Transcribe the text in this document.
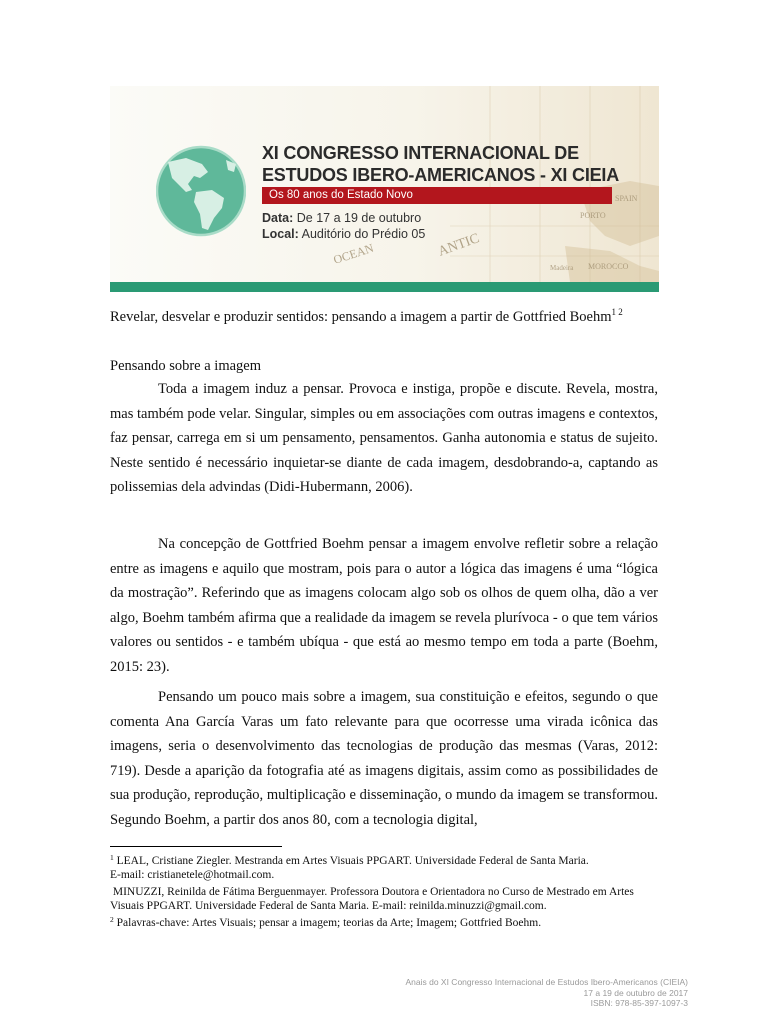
OCEAN	ANTIC
PORTO
MOROCCO
Madeira
SPAIN
XI CONGRESSO INTERNACIONAL DE
ESTUDOS IBERO-AMERICANOS - XI CIEIA
Os 80 anos do Estado Novo
Data: De 17 a 19 de outubro
Local: Auditório do Prédio 05
Revelar, desvelar e produzir sentidos: pensando a imagem a partir de Gottfried Boehm$^{1 2}$
Pensando sobre a imagem
Toda a imagem induz a pensar. Provoca e instiga, propõe e discute. Revela, mostra, mas também pode velar. Singular, simples ou em associações com outras imagens e contextos, faz pensar, carrega em si um pensamento, pensamentos. Ganha autonomia e status de sujeito. Neste sentido é necessário inquietar-se diante de cada imagem, desdobrando-a, captando as polissemias dela advindas (Didi-Hubermann, 2006).
Na concepção de Gottfried Boehm pensar a imagem envolve refletir sobre a relação entre as imagens e aquilo que mostram, pois para o autor a lógica das imagens é uma “lógica da mostração”. Referindo que as imagens colocam algo sob os olhos de quem olha, dão a ver algo, Boehm também afirma que a realidade da imagem se revela plurívoca - o que tem vários valores ou sentidos - e também ubíqua - que está ao mesmo tempo em toda a parte (Boehm, 2015: 23).
Pensando um pouco mais sobre a imagem, sua constituição e efeitos, segundo o que comenta Ana García Varas um fato relevante para que ocorresse uma virada icônica das imagens, seria o desenvolvimento das tecnologias de produção das mesmas (Varas, 2012: 719). Desde a aparição da fotografia até as imagens digitais, assim como as possibilidades de sua produção, reprodução, multiplicação e disseminação, o mundo da imagem se transformou. Segundo Boehm, a partir dos anos 80, com a tecnologia digital,
$^1$ LEAL, Cristiane Ziegler. Mestranda em Artes Visuais PPGART. Universidade Federal de Santa Maria.
E-mail: cristianetele@hotmail.com.
MINUZZI, Reinilda de Fátima Berguenmayer. Professora Doutora e Orientadora no Curso de Mestrado em Artes Visuais PPGART. Universidade Federal de Santa Maria. E-mail: reinilda.minuzzi@gmail.com.
$^2$ Palavras-chave: Artes Visuais; pensar a imagem; teorias da Arte; Imagem; Gottfried Boehm.
Anais do XI Congresso Internacional de Estudos Ibero-Americanos (CIEIA)
17 a 19 de outubro de 2017
ISBN: 978-85-397-1097-3
